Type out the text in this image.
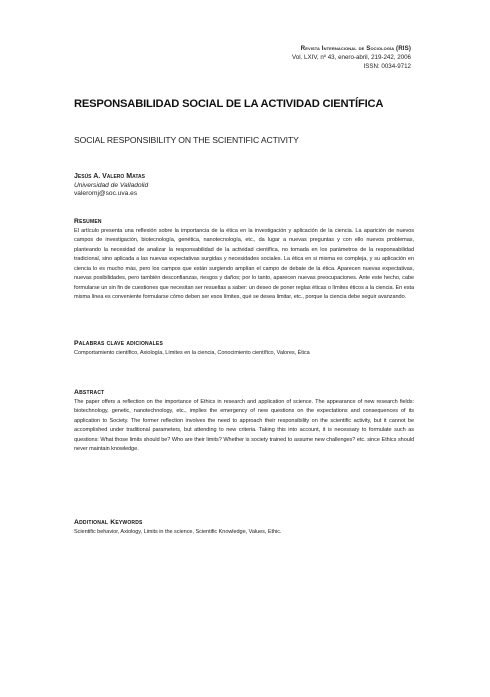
Revista Internacional de Sociología (RIS)
Vol. LXIV, nº 43, enero-abril, 219-242, 2006
ISSN: 0034-9712
RESPONSABILIDAD SOCIAL DE LA ACTIVIDAD CIENTÍFICA
SOCIAL RESPONSIBILITY ON THE SCIENTIFIC ACTIVITY
Jesús A. Valero Matas
Universidad de Valladolid
valeromj@soc.uva.es
Resumen

El artículo presenta una reflexión sobre la importancia de la ética en la investigación y aplicación de la ciencia. La aparición de nuevos campos de investigación, biotecnología, genética, nanotecnología, etc., da lugar a nuevas preguntas y con ello nuevos problemas, planteando la necesidad de analizar la responsabilidad de la actividad científica, no tomada en los parámetros de la responsabilidad tradicional, sino aplicada a las nuevas expectativas surgidas y necesidades sociales. La ética en si misma es compleja, y su aplicación en ciencia lo es mucho más, pero los campos que están surgiendo amplían el campo de debate de la ética. Aparecen nuevas expectativas, nuevas posibilidades, pero también desconfianzas, riesgos y daños; por lo tanto, aparecen nuevas preocupaciones. Ante este hecho, cabe formularse un sin fin de cuestiones que necesitan ser resueltas a saber: un deseo de poner reglas éticas o límites éticos a la ciencia. En esta misma línea es conveniente formularse cómo deben ser esos límites, qué se desea limitar, etc., porque la ciencia debe seguir avanzando.

Palabras clave adicionales

Comportamiento científico, Axiología, Límites en la ciencia, Conocimiento científico, Valores, Ética

Abstract

The paper offers a reflection on the importance of Ethics in research and application of science. The appearance of new research fields: biotechnology, genetic, nanotechnology, etc., implies the emergency of new questions on the expectations and consequences of its application to Society. The former reflection involves the need to approach their responsibility on the scientific activity, but it cannot be accomplished under traditional parameters, but attending to new criteria. Taking this into account, it is necessary to formulate such as questions: What those limits should be? Who are their limits? Whether is society trained to assume new challenges? etc. since Ethics should never maintain knowledge.

Additional Keywords

Scientific behavior, Axiology, Limits in the science, Scientific Knowledge, Values, Ethic.
